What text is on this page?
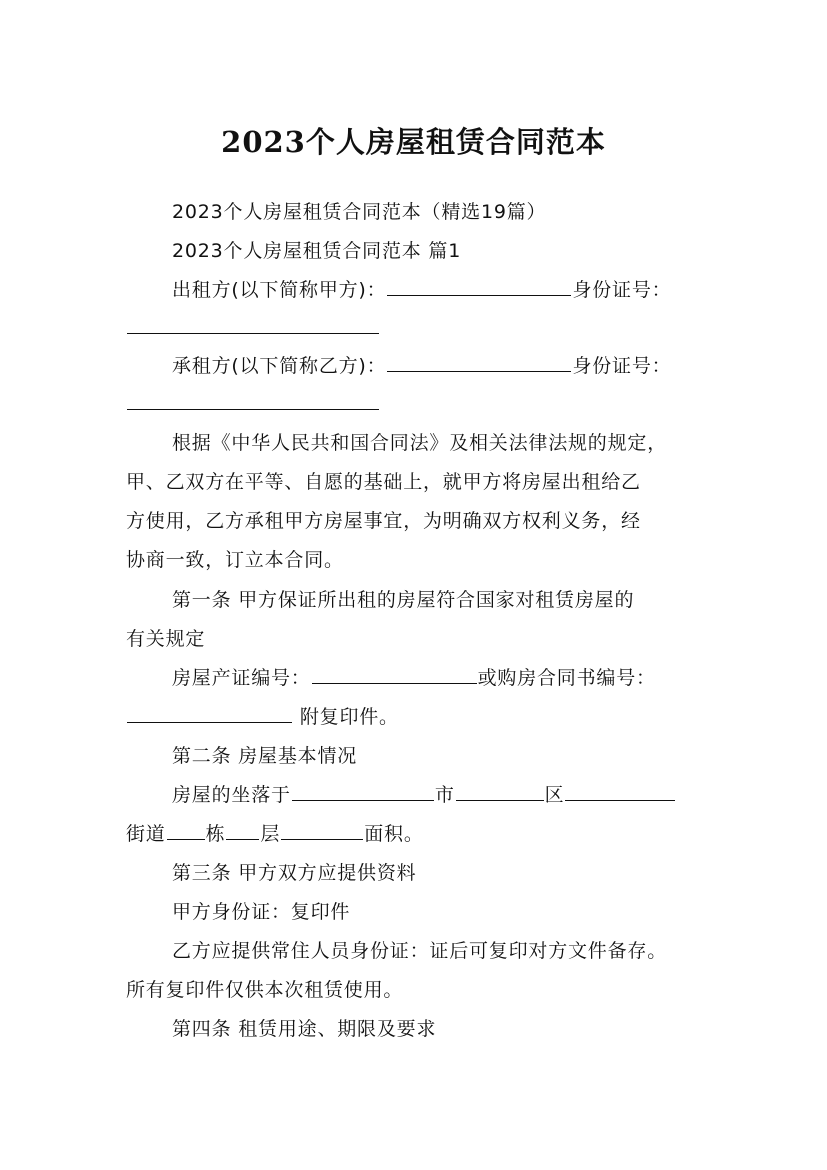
2023个人房屋租赁合同范本
2023个人房屋租赁合同范本（精选19篇）
2023个人房屋租赁合同范本 篇1
出租方(以下简称甲方)：	身份证号：
承租方(以下简称乙方)：	身份证号：
根据《中华人民共和国合同法》及相关法律法规的规定，
甲、乙双方在平等、自愿的基础上，就甲方将房屋出租给乙
方使用，乙方承租甲方房屋事宜，为明确双方权利义务，经
协商一致，订立本合同。
第一条 甲方保证所出租的房屋符合国家对租赁房屋的
有关规定
房屋产证编号：	或购房合同书编号：
附复印件。
第二条 房屋基本情况
房屋的坐落于	市	区
街道 栋 层	面积。
第三条 甲方双方应提供资料
甲方身份证：复印件
乙方应提供常住人员身份证：证后可复印对方文件备存。
所有复印件仅供本次租赁使用。
第四条 租赁用途、期限及要求
